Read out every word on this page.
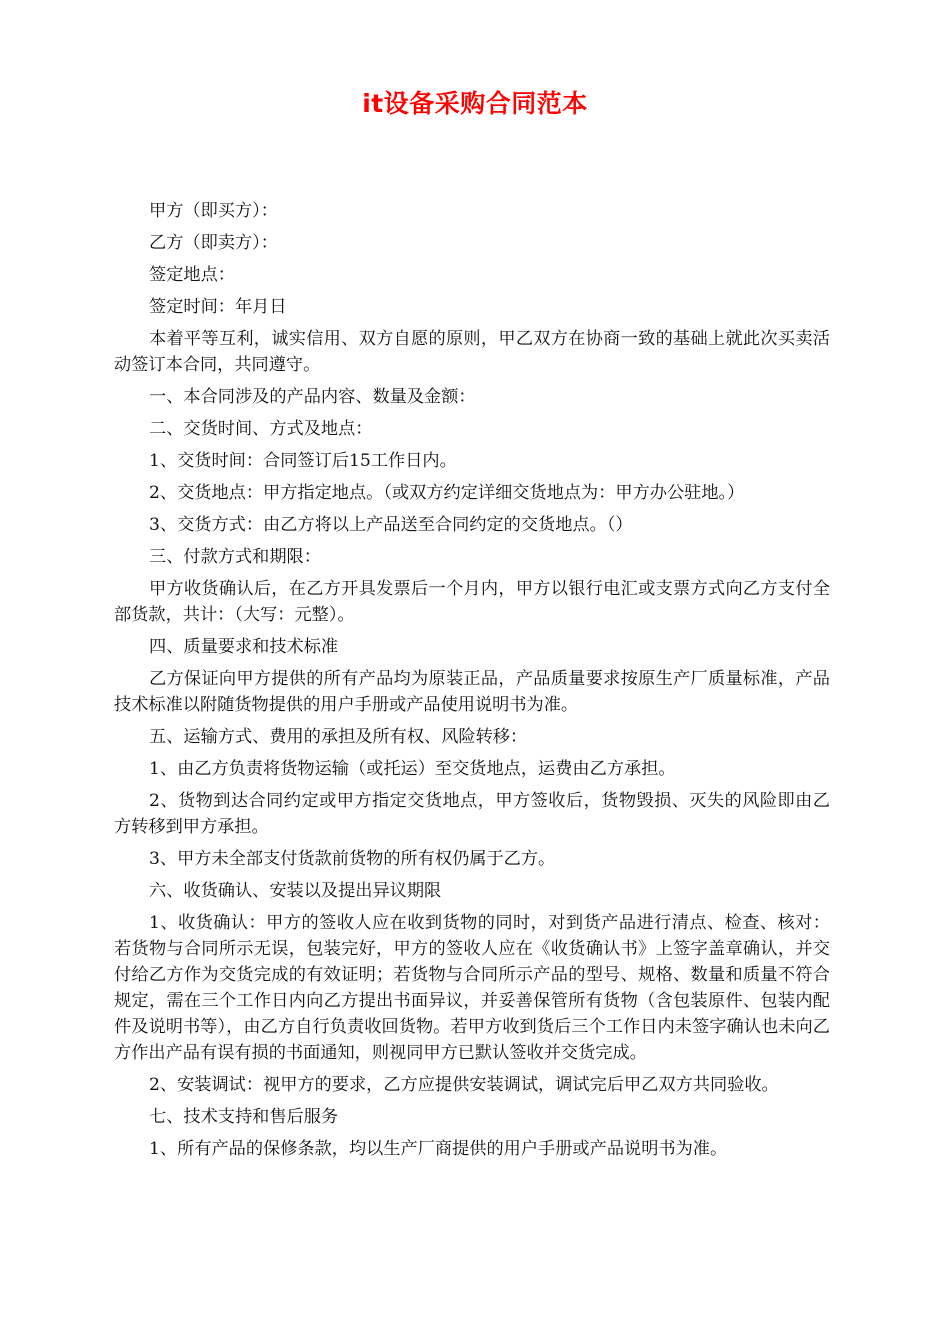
it设备采购合同范本

甲方（即买方）：

乙方（即卖方）：

签定地点：

签定时间：年月日

本着平等互利，诚实信用、双方自愿的原则，甲乙双方在协商一致的基础上就此次买卖活动签订本合同，共同遵守。

一、本合同涉及的产品内容、数量及金额：

二、交货时间、方式及地点：

1、交货时间：合同签订后15工作日内。

2、交货地点：甲方指定地点。（或双方约定详细交货地点为：甲方办公驻地。）

3、交货方式：由乙方将以上产品送至合同约定的交货地点。（）

三、付款方式和期限：

甲方收货确认后，在乙方开具发票后一个月内，甲方以银行电汇或支票方式向乙方支付全部货款，共计：（大写：元整）。

四、质量要求和技术标准

乙方保证向甲方提供的所有产品均为原装正品，产品质量要求按原生产厂质量标准，产品技术标准以附随货物提供的用户手册或产品使用说明书为准。

五、运输方式、费用的承担及所有权、风险转移：

1、由乙方负责将货物运输（或托运）至交货地点，运费由乙方承担。

2、货物到达合同约定或甲方指定交货地点，甲方签收后，货物毁损、灭失的风险即由乙方转移到甲方承担。

3、甲方未全部支付货款前货物的所有权仍属于乙方。

六、收货确认、安装以及提出异议期限

1、收货确认：甲方的签收人应在收到货物的同时，对到货产品进行清点、检查、核对：若货物与合同所示无误，包装完好，甲方的签收人应在《收货确认书》上签字盖章确认，并交付给乙方作为交货完成的有效证明；若货物与合同所示产品的型号、规格、数量和质量不符合规定，需在三个工作日内向乙方提出书面异议，并妥善保管所有货物（含包装原件、包装内配件及说明书等），由乙方自行负责收回货物。若甲方收到货后三个工作日内未签字确认也未向乙方作出产品有误有损的书面通知，则视同甲方已默认签收并交货完成。

2、安装调试：视甲方的要求，乙方应提供安装调试，调试完后甲乙双方共同验收。

七、技术支持和售后服务

1、所有产品的保修条款，均以生产厂商提供的用户手册或产品说明书为准。
